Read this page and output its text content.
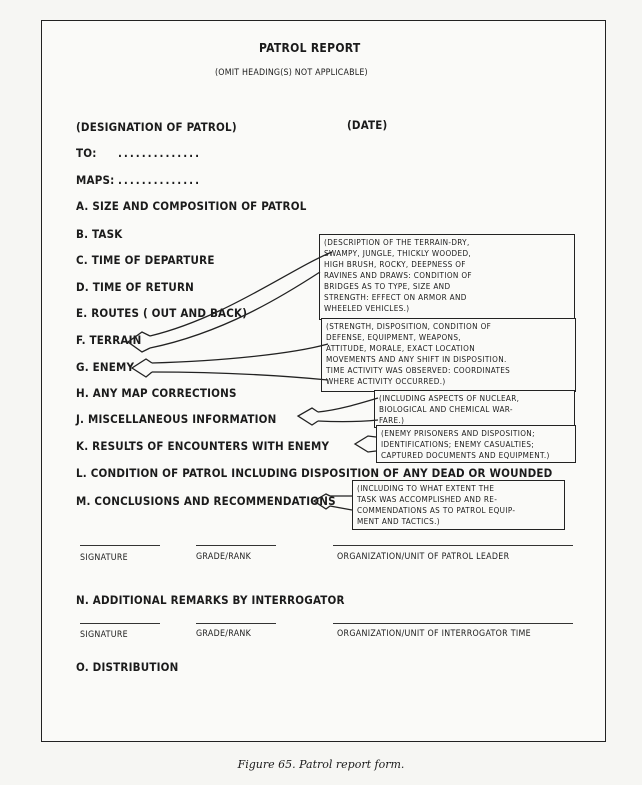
PATROL REPORT
(OMIT HEADING(S) NOT APPLICABLE)
(DESIGNATION OF PATROL)	(DATE)
TO: ..............
MAPS: ..............
A. SIZE AND COMPOSITION OF PATROL
B. TASK
C. TIME OF DEPARTURE
D. TIME OF RETURN
E. ROUTES ( OUT AND BACK)
F. TERRAIN
G. ENEMY
H. ANY MAP CORRECTIONS
J. MISCELLANEOUS INFORMATION
K. RESULTS OF ENCOUNTERS WITH ENEMY
L. CONDITION OF PATROL INCLUDING DISPOSITION OF ANY DEAD OR WOUNDED
M. CONCLUSIONS AND RECOMMENDATIONS
(DESCRIPTION OF THE TERRAIN-DRY,
SWAMPY, JUNGLE, THICKLY WOODED,
HIGH BRUSH, ROCKY, DEEPNESS OF
RAVINES AND DRAWS: CONDITION OF
BRIDGES AS TO TYPE, SIZE AND
STRENGTH: EFFECT ON ARMOR AND
WHEELED VEHICLES.)
(STRENGTH, DISPOSITION, CONDITION OF
DEFENSE, EQUIPMENT, WEAPONS,
ATTITUDE, MORALE, EXACT LOCATION
MOVEMENTS AND ANY SHIFT IN DISPOSITION.
TIME ACTIVITY WAS OBSERVED: COORDINATES
WHERE ACTIVITY OCCURRED.)
(INCLUDING ASPECTS OF NUCLEAR,
BIOLOGICAL AND CHEMICAL WAR-
FARE.)
(ENEMY PRISONERS AND DISPOSITION;
IDENTIFICATIONS; ENEMY CASUALTIES;
CAPTURED DOCUMENTS AND EQUIPMENT.)
(INCLUDING TO WHAT EXTENT THE
TASK WAS ACCOMPLISHED AND RE-
COMMENDATIONS AS TO PATROL EQUIP-
MENT AND TACTICS.)
SIGNATURE	GRADE/RANK	ORGANIZATION/UNIT OF PATROL LEADER
N. ADDITIONAL REMARKS BY INTERROGATOR
SIGNATURE	GRADE/RANK	ORGANIZATION/UNIT OF INTERROGATOR TIME
O. DISTRIBUTION
Figure 65. Patrol report form.
